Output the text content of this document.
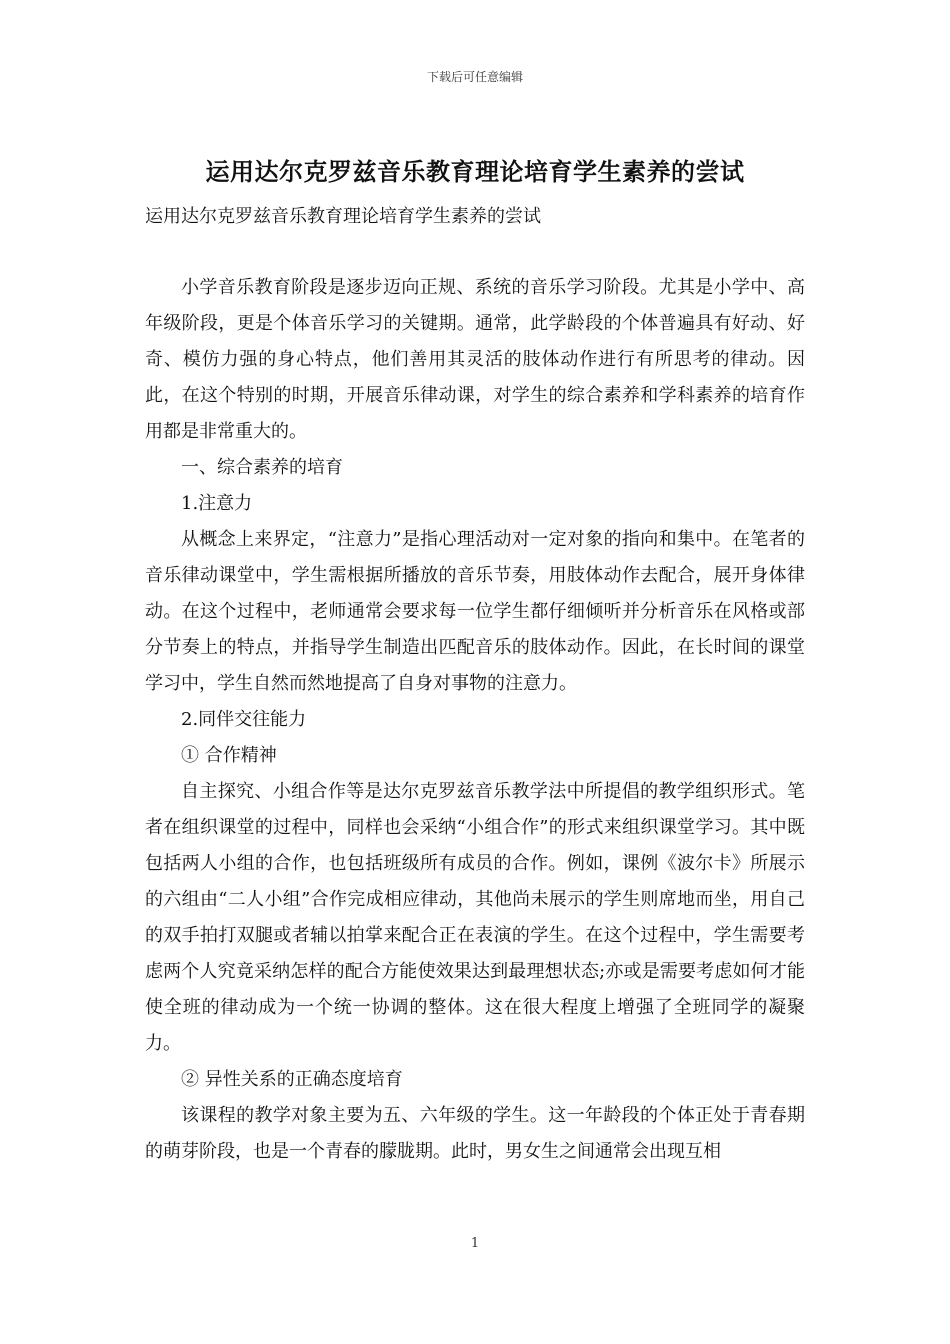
下载后可任意编辑
运用达尔克罗兹音乐教育理论培育学生素养的尝试
运用达尔克罗兹音乐教育理论培育学生素养的尝试

小学音乐教育阶段是逐步迈向正规、系统的音乐学习阶段。尤其是小学中、高年级阶段，更是个体音乐学习的关键期。通常，此学龄段的个体普遍具有好动、好奇、模仿力强的身心特点，他们善用其灵活的肢体动作进行有所思考的律动。因此，在这个特别的时期，开展音乐律动课，对学生的综合素养和学科素养的培育作用都是非常重大的。

一、综合素养的培育

1.注意力

从概念上来界定，“注意力”是指心理活动对一定对象的指向和集中。在笔者的音乐律动课堂中，学生需根据所播放的音乐节奏，用肢体动作去配合，展开身体律动。在这个过程中，老师通常会要求每一位学生都仔细倾听并分析音乐在风格或部分节奏上的特点，并指导学生制造出匹配音乐的肢体动作。因此，在长时间的课堂学习中，学生自然而然地提高了自身对事物的注意力。

2.同伴交往能力

① 合作精神

自主探究、小组合作等是达尔克罗兹音乐教学法中所提倡的教学组织形式。笔者在组织课堂的过程中，同样也会采纳“小组合作”的形式来组织课堂学习。其中既包括两人小组的合作，也包括班级所有成员的合作。例如，课例《波尔卡》所展示的六组由“二人小组”合作完成相应律动，其他尚未展示的学生则席地而坐，用自己的双手拍打双腿或者辅以拍掌来配合正在表演的学生。在这个过程中，学生需要考虑两个人究竟采纳怎样的配合方能使效果达到最理想状态;亦或是需要考虑如何才能使全班的律动成为一个统一协调的整体。这在很大程度上增强了全班同学的凝聚力。

② 异性关系的正确态度培育

该课程的教学对象主要为五、六年级的学生。这一年龄段的个体正处于青春期的萌芽阶段，也是一个青春的朦胧期。此时，男女生之间通常会出现互相

1
